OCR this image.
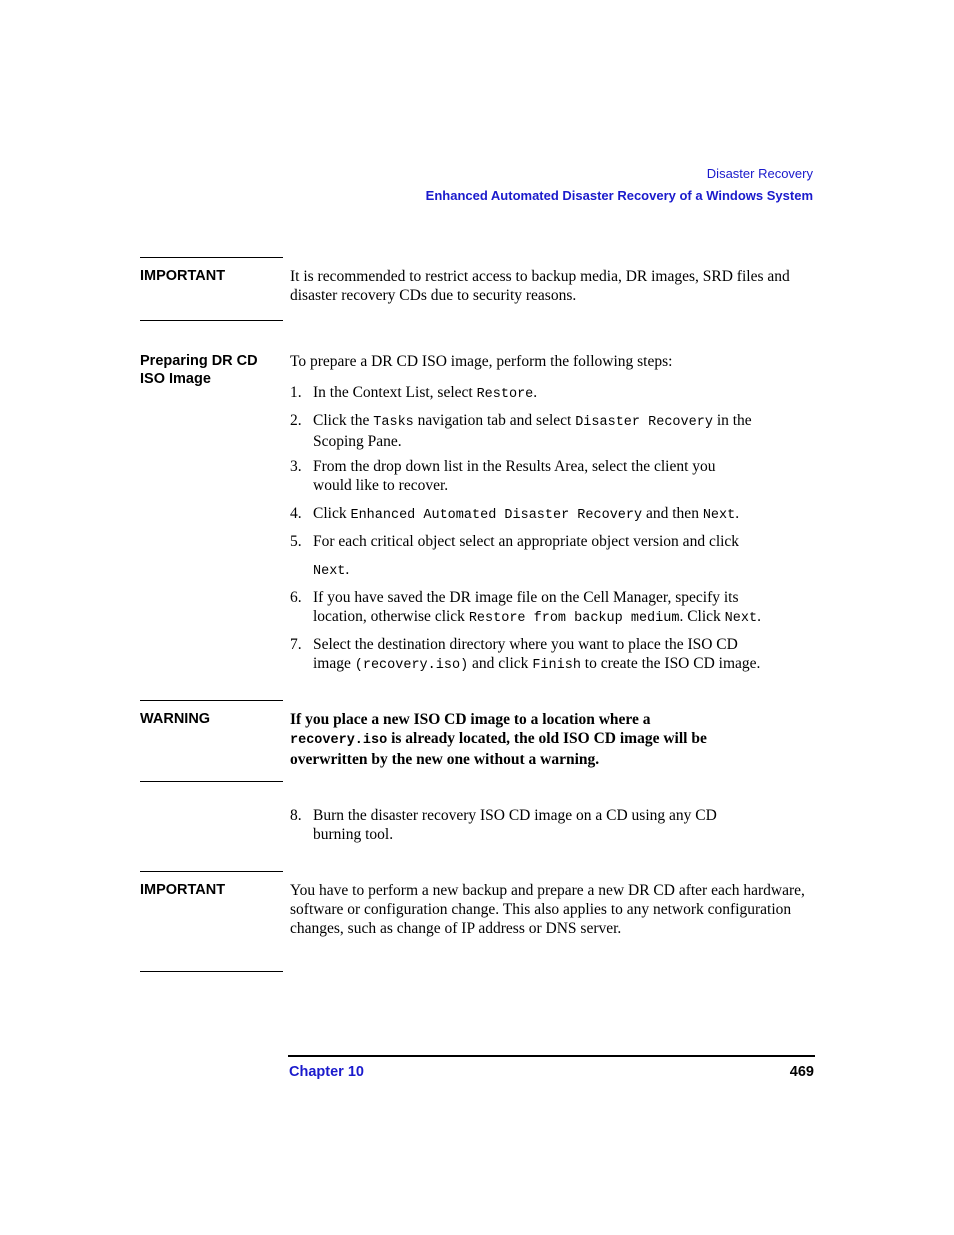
Disaster Recovery
Enhanced Automated Disaster Recovery of a Windows System
IMPORTANT	It is recommended to restrict access to backup media, DR images, SRD files and disaster recovery CDs due to security reasons.
Preparing DR CD
ISO Image
To prepare a DR CD ISO image, perform the following steps:
1. In the Context List, select Restore.
2. Click the Tasks navigation tab and select Disaster Recovery in the
Scoping Pane.
3. From the drop down list in the Results Area, select the client you
would like to recover.
4. Click Enhanced Automated Disaster Recovery and then Next.
5. For each critical object select an appropriate object version and click
Next.
6. If you have saved the DR image file on the Cell Manager, specify its
location, otherwise click Restore from backup medium. Click Next.
7. Select the destination directory where you want to place the ISO CD
image (recovery.iso) and click Finish to create the ISO CD image.
WARNING	If you place a new ISO CD image to a location where a
recovery.iso is already located, the old ISO CD image will be
overwritten by the new one without a warning.
8. Burn the disaster recovery ISO CD image on a CD using any CD
burning tool.
IMPORTANT	You have to perform a new backup and prepare a new DR CD after each hardware, software or configuration change. This also applies to any network configuration changes, such as change of IP address or DNS server.
Chapter 10	469
